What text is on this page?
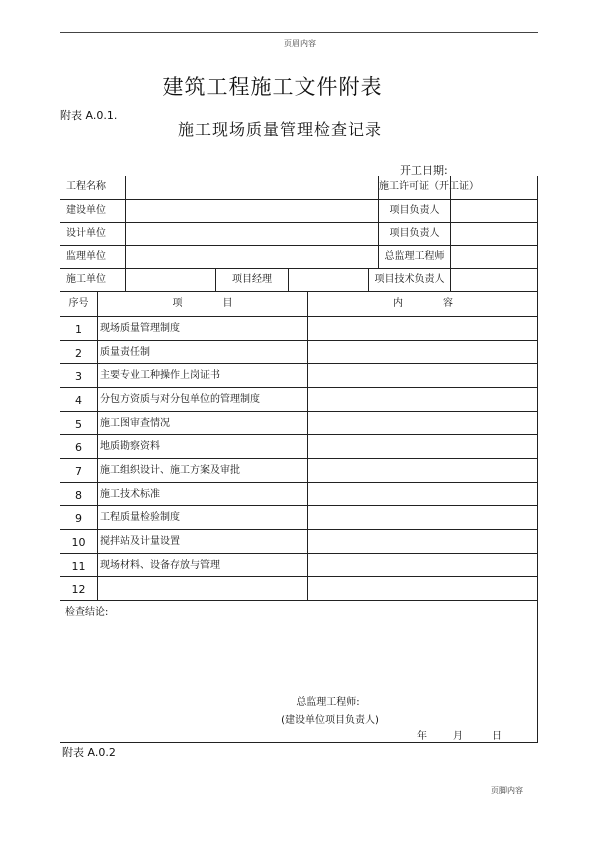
页眉内容
建筑工程施工文件附表
附表 A.0.1.
施工现场质量管理检查记录
开工日期:
工程名称	施工许可证（开工证）
建设单位	项目负责人
设计单位	项目负责人
监理单位	总监理工程师
施工单位	项目经理	项目技术负责人
序号	项　　　　目	内　　　　容
1	现场质量管理制度
2	质量责任制
3	主要专业工种操作上岗证书
4	分包方资质与对分包单位的管理制度
5	施工图审查情况
6	地质勘察资料
7	施工组织设计、施工方案及审批
8	施工技术标准
9	工程质量检验制度
10	搅拌站及计量设置
11	现场材料、设备存放与管理
12
检查结论:
总监理工程师:
(建设单位项目负责人)
年	月	日
附表 A.0.2
页脚内容
